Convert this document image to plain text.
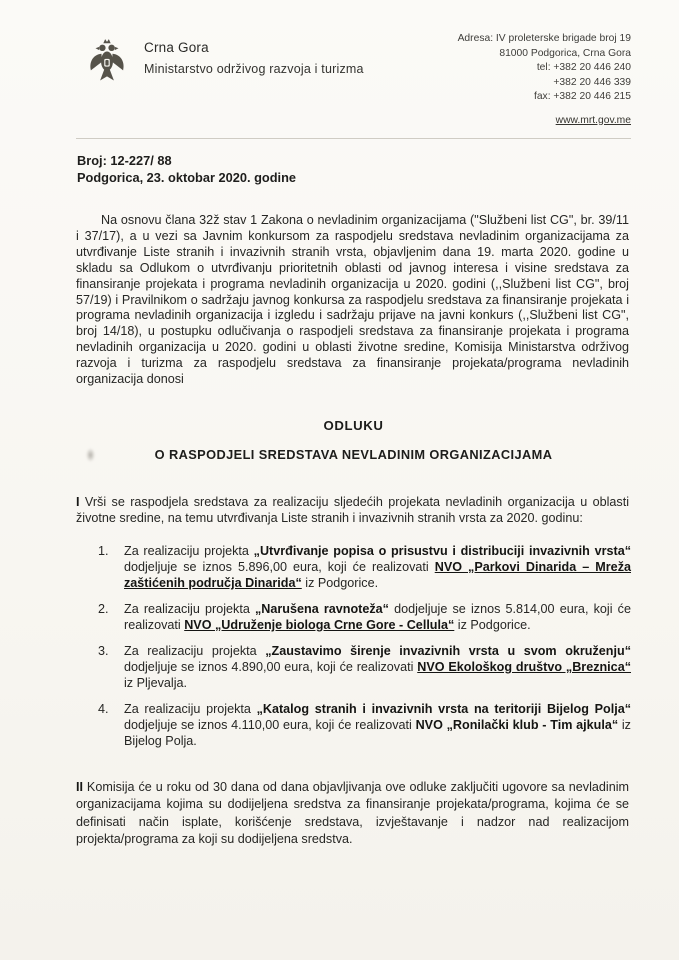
Crna Gora
Ministarstvo održivog razvoja i turizma
Adresa: IV proleterske brigade broj 19
81000 Podgorica, Crna Gora
tel: +382 20 446 240
+382 20 446 339
fax: +382 20 446 215
www.mrt.gov.me
Broj: 12-227/ 88
Podgorica, 23. oktobar 2020. godine

Na osnovu člana 32ž stav 1 Zakona o nevladinim organizacijama ("Službeni list CG", br. 39/11 i 37/17), a u vezi sa Javnim konkursom za raspodjelu sredstava nevladinim organizacijama za utvrđivanje Liste stranih i invazivnih stranih vrsta, objavljenim dana 19. marta 2020. godine u skladu sa Odlukom o utvrđivanju prioritetnih oblasti od javnog interesa i visine sredstava za finansiranje projekata i programa nevladinih organizacija u 2020. godini (,,Službeni list CG", broj 57/19) i Pravilnikom o sadržaju javnog konkursa za raspodjelu sredstava za finansiranje projekata i programa nevladinih organizacija i izgledu i sadržaju prijave na javni konkurs (,,Službeni list CG", broj 14/18), u postupku odlučivanja o raspodjeli sredstava za finansiranje projekata i programa nevladinih organizacija u 2020. godini u oblasti životne sredine, Komisija Ministarstva održivog razvoja i turizma za raspodjelu sredstava za finansiranje projekata/programa nevladinih organizacija donosi

ODLUKU
O RASPODJELI SREDSTAVA NEVLADINIM ORGANIZACIJAMA

I Vrši se raspodjela sredstava za realizaciju sljedećih projekata nevladinih organizacija u oblasti životne sredine, na temu utvrđivanja Liste stranih i invazivnih stranih vrsta za 2020. godinu:

1.	Za realizaciju projekta „Utvrđivanje popisa o prisustvu i distribuciji invazivnih vrsta“ dodjeljuje se iznos 5.896,00 eura, koji će realizovati NVO „Parkovi Dinarida – Mreža zaštićenih područja Dinarida“ iz Podgorice.
2.	Za realizaciju projekta „Narušena ravnoteža“ dodjeljuje se iznos 5.814,00 eura, koji će realizovati NVO „Udruženje biologa Crne Gore - Cellula“ iz Podgorice.
3.	Za realizaciju projekta „Zaustavimo širenje invazivnih vrsta u svom okruženju“ dodjeljuje se iznos 4.890,00 eura, koji će realizovati NVO Ekološkog društvo „Breznica“ iz Pljevalja.
4.	Za realizaciju projekta „Katalog stranih i invazivnih vrsta na teritoriji Bijelog Polja“ dodjeljuje se iznos 4.110,00 eura, koji će realizovati NVO „Ronilački klub - Tim ajkula“ iz Bijelog Polja.

II Komisija će u roku od 30 dana od dana objavljivanja ove odluke zaključiti ugovore sa nevladinim organizacijama kojima su dodijeljena sredstva za finansiranje projekata/programa, kojima će se definisati način isplate, korišćenje sredstava, izvještavanje i nadzor nad realizacijom projekta/programa za koji su dodijeljena sredstva.
